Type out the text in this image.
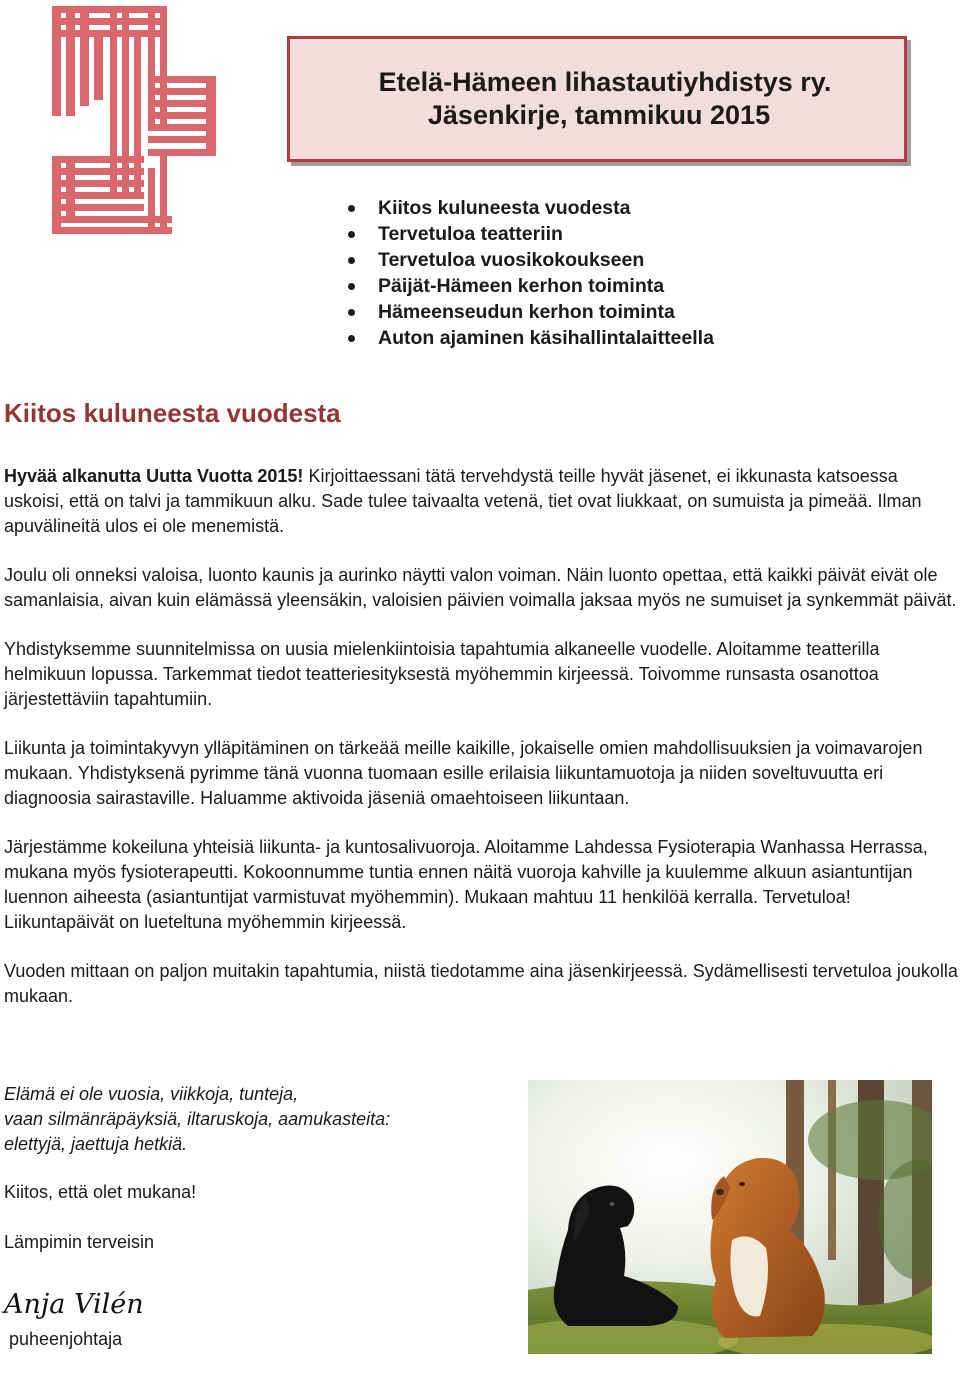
Etelä-Hämeen lihastautiyhdistys ry.
Jäsenkirje, tammikuu 2015
Kiitos kuluneesta vuodesta
Tervetuloa teatteriin
Tervetuloa vuosikokoukseen
Päijät-Hämeen kerhon toiminta
Hämeenseudun kerhon toiminta
Auton ajaminen käsihallintalaitteella
Kiitos kuluneesta vuodesta

Hyvää alkanutta Uutta Vuotta 2015! Kirjoittaessani tätä tervehdystä teille hyvät jäsenet, ei ikkunasta katsoessa uskoisi, että on talvi ja tammikuun alku. Sade tulee taivaalta vetenä, tiet ovat liukkaat, on sumuista ja pimeää. Ilman apuvälineitä ulos ei ole menemistä.

Joulu oli onneksi valoisa, luonto kaunis ja aurinko näytti valon voiman. Näin luonto opettaa, että kaikki päivät eivät ole samanlaisia, aivan kuin elämässä yleensäkin, valoisien päivien voimalla jaksaa myös ne sumuiset ja synkemmät päivät.

Yhdistyksemme suunnitelmissa on uusia mielenkiintoisia tapahtumia alkaneelle vuodelle. Aloitamme teatterilla helmikuun lopussa. Tarkemmat tiedot teatteriesityksestä myöhemmin kirjeessä. Toivomme runsasta osanottoa järjestettäviin tapahtumiin.

Liikunta ja toimintakyvyn ylläpitäminen on tärkeää meille kaikille, jokaiselle omien mahdollisuuksien ja voimavarojen mukaan. Yhdistyksenä pyrimme tänä vuonna tuomaan esille erilaisia liikuntamuotoja ja niiden soveltuvuutta eri diagnoosia sairastaville. Haluamme aktivoida jäseniä omaehtoiseen liikuntaan.

Järjestämme kokeiluna yhteisiä liikunta- ja kuntosalivuoroja. Aloitamme Lahdessa Fysioterapia Wanhassa Herrassa, mukana myös fysioterapeutti. Kokoonnumme tuntia ennen näitä vuoroja kahville ja kuulemme alkuun asiantuntijan luennon aiheesta (asiantuntijat varmistuvat myöhemmin). Mukaan mahtuu 11 henkilöä kerralla. Tervetuloa! Liikuntapäivät on lueteltuna myöhemmin kirjeessä.

Vuoden mittaan on paljon muitakin tapahtumia, niistä tiedotamme aina jäsenkirjeessä. Sydämellisesti tervetuloa joukolla mukaan.

Elämä ei ole vuosia, viikkoja, tunteja,
vaan silmänräpäyksiä, iltaruskoja, aamukasteita:
elettyjä, jaettuja hetkiä.
Kiitos, että olet mukana!
Lämpimin terveisin
Anja Vilén
puheenjohtaja
